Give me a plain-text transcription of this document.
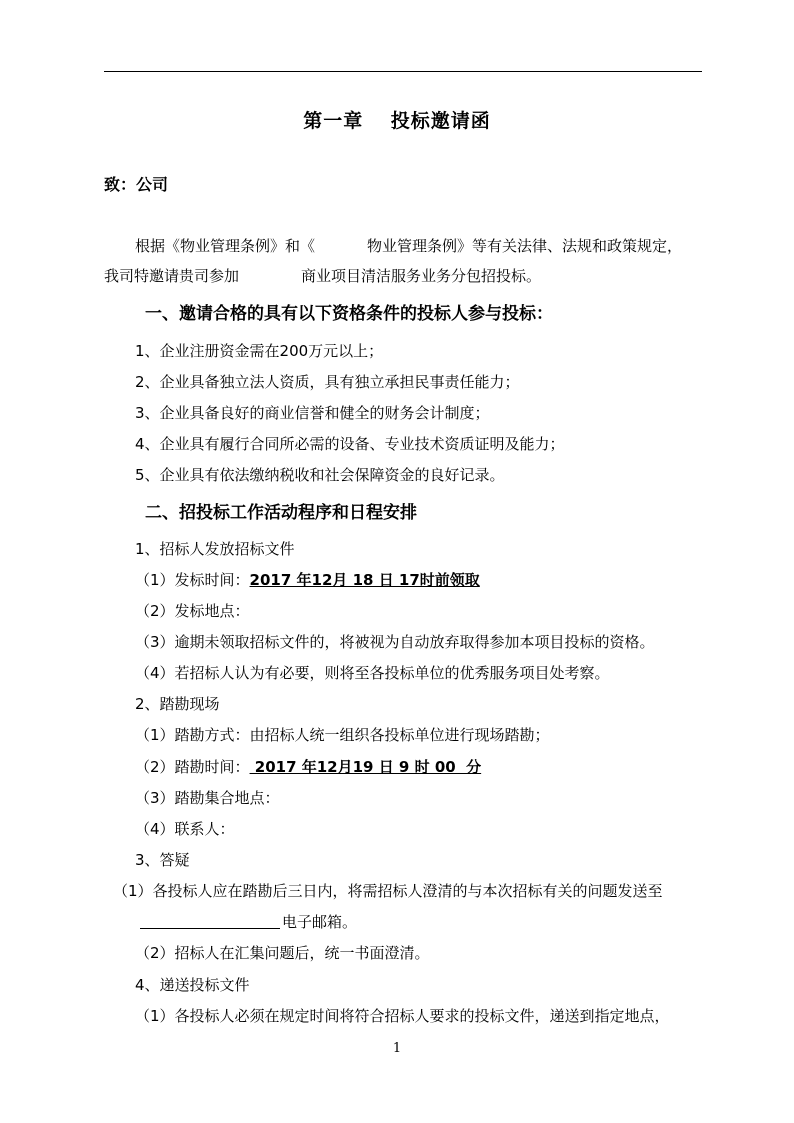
第一章　 投标邀请函
致：公司
根据《物业管理条例》和《	物业管理条例》等有关法律、法规和政策规定，
我司特邀请贵司参加	商业项目清洁服务业务分包招投标。
一、邀请合格的具有以下资格条件的投标人参与投标：
1、企业注册资金需在200万元以上；
2、企业具备独立法人资质，具有独立承担民事责任能力；
3、企业具备良好的商业信誉和健全的财务会计制度；
4、企业具有履行合同所必需的设备、专业技术资质证明及能力；
5、企业具有依法缴纳税收和社会保障资金的良好记录。
二、招投标工作活动程序和日程安排
1、招标人发放招标文件
（1）发标时间：2017 年12月 18 日 17时前领取
（2）发标地点：
（3）逾期未领取招标文件的，将被视为自动放弃取得参加本项目投标的资格。
（4）若招标人认为有必要，则将至各投标单位的优秀服务项目处考察。
2、踏勘现场
（1）踏勘方式：由招标人统一组织各投标单位进行现场踏勘；
（2）踏勘时间： 2017 年12月19 日 9 时 00  分
（3）踏勘集合地点：
（4）联系人：
3、答疑
（1）各投标人应在踏勘后三日内，将需招标人澄清的与本次招标有关的问题发送至
电子邮箱。
（2）招标人在汇集问题后，统一书面澄清。
4、递送投标文件
（1）各投标人必须在规定时间将符合招标人要求的投标文件，递送到指定地点，
1
